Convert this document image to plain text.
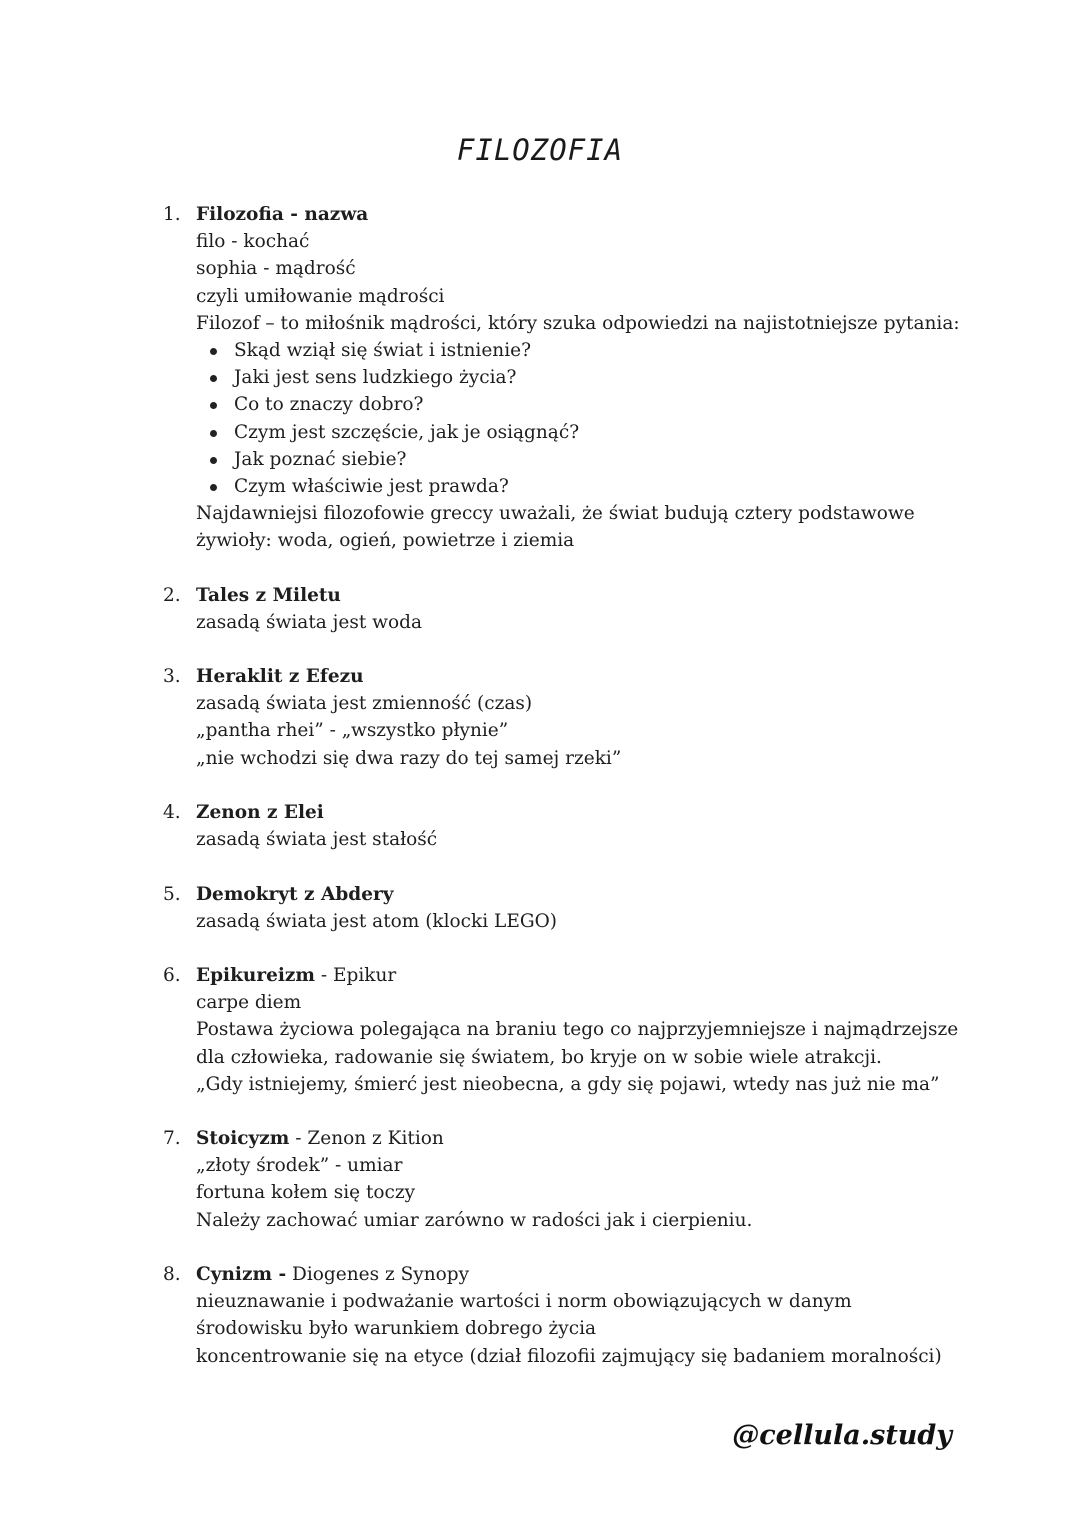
FILOZOFIA
1. Filozofia - nazwa
filo - kochać
sophia - mądrość
czyli umiłowanie mądrości
Filozof – to miłośnik mądrości, który szuka odpowiedzi na najistotniejsze pytania:
Skąd wziął się świat i istnienie?
Jaki jest sens ludzkiego życia?
Co to znaczy dobro?
Czym jest szczęście, jak je osiągnąć?
Jak poznać siebie?
Czym właściwie jest prawda?
Najdawniejsi filozofowie greccy uważali, że świat budują cztery podstawowe
żywioły: woda, ogień, powietrze i ziemia
2. Tales z Miletu
zasadą świata jest woda
3. Heraklit z Efezu
zasadą świata jest zmienność (czas)
„pantha rhei” - „wszystko płynie”
„nie wchodzi się dwa razy do tej samej rzeki”
4. Zenon z Elei
zasadą świata jest stałość
5. Demokryt z Abdery
zasadą świata jest atom (klocki LEGO)
6. Epikureizm - Epikur
carpe diem
Postawa życiowa polegająca na braniu tego co najprzyjemniejsze i najmądrzejsze
dla człowieka, radowanie się światem, bo kryje on w sobie wiele atrakcji.
„Gdy istniejemy, śmierć jest nieobecna, a gdy się pojawi, wtedy nas już nie ma”
7. Stoicyzm - Zenon z Kition
„złoty środek” - umiar
fortuna kołem się toczy
Należy zachować umiar zarówno w radości jak i cierpieniu.
8. Cynizm - Diogenes z Synopy
nieuznawanie i podważanie wartości i norm obowiązujących w danym
środowisku było warunkiem dobrego życia
koncentrowanie się na etyce (dział filozofii zajmujący się badaniem moralności)
@cellula.study
